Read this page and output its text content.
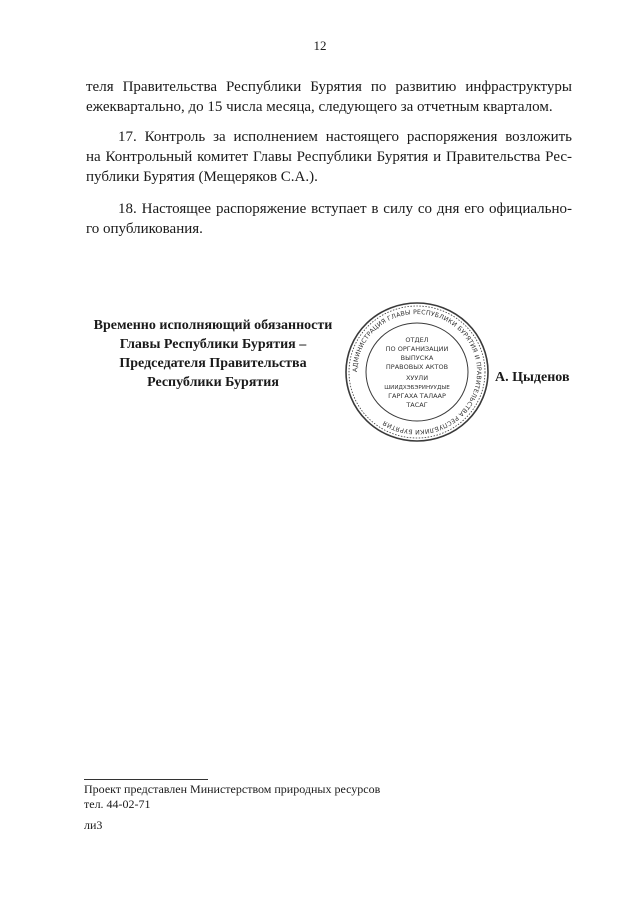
12
теля Правительства Республики Бурятия по развитию инфраструктуры
ежеквартально, до 15 числа месяца, следующего за отчетным кварталом.
17. Контроль за исполнением настоящего распоряжения возложить
на Контрольный комитет Главы Республики Бурятия и Правительства Рес-
публики Бурятия (Мещеряков С.А.).
18. Настоящее распоряжение вступает в силу со дня его официально-
го опубликования.
Временно исполняющий обязанности
Главы Республики Бурятия –
Председателя Правительства
Республики Бурятия
АДМИНИСТРАЦИЯ ГЛАВЫ РЕСПУБЛИКИ БУРЯТИЯ И ПРАВИТЕЛЬСТВА РЕСПУБЛИКИ БУРЯТИЯ
ОТДЕЛ
ПО ОРГАНИЗАЦИИ
ВЫПУСКА
ПРАВОВЫХ АКТОВ
ХУУЛИ
ШИИДХЭБЭРИНУУДЫЕ
ГАРГАХА ТАЛААР
ТАСАГ
А. Цыденов
Проект представлен Министерством природных ресурсов
тел. 44-02-71
ли3
